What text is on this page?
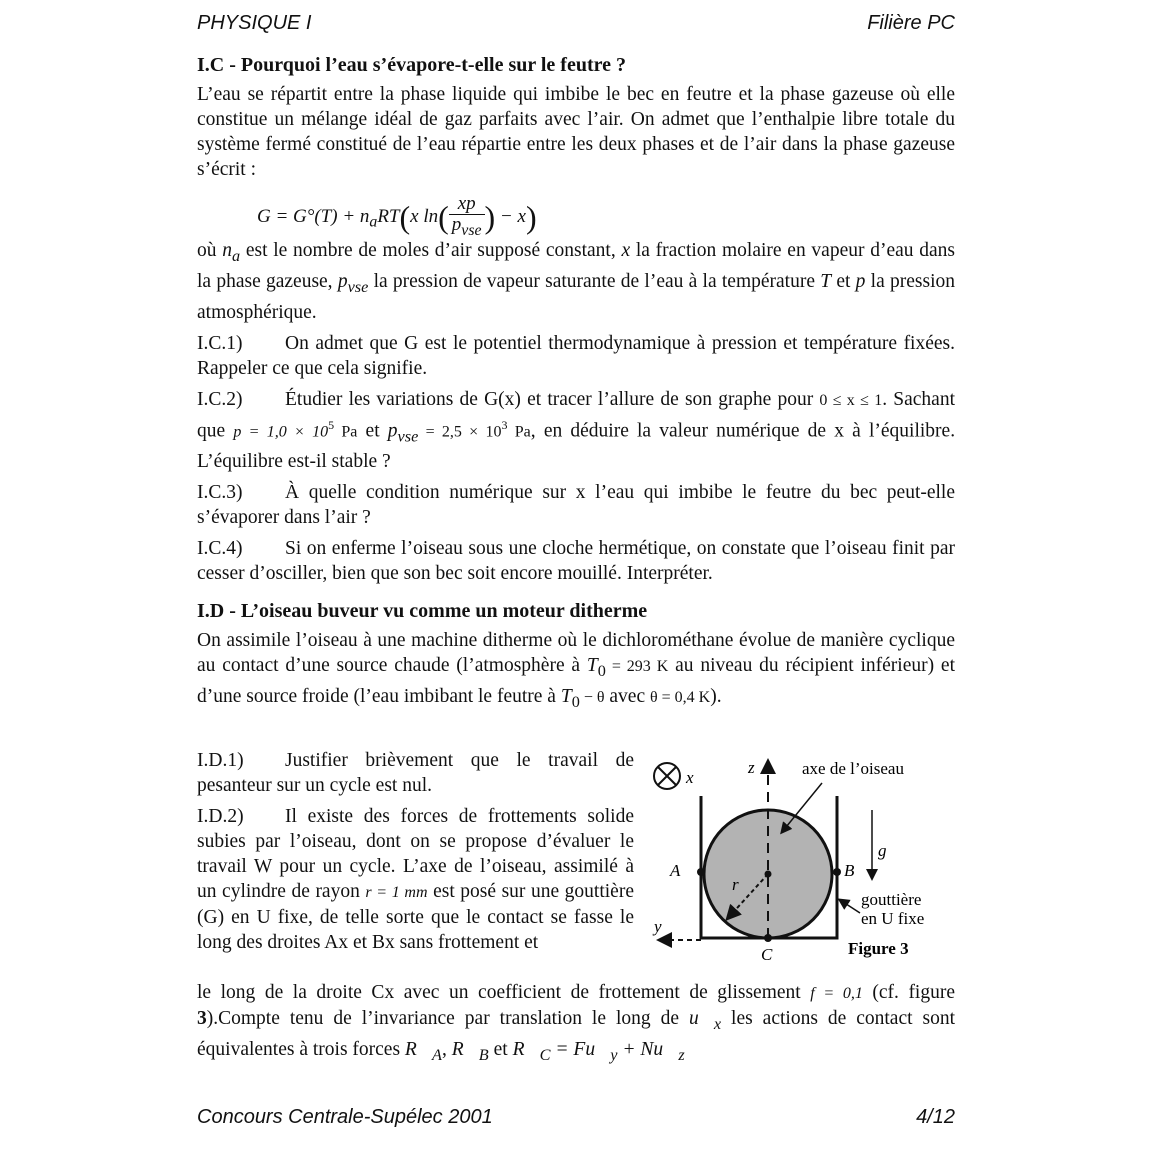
PHYSIQUE I	Filière PC
I.C - Pourquoi l’eau s’évapore-t-elle sur le feutre ?

L’eau se répartit entre la phase liquide qui imbibe le bec en feutre et la phase gazeuse où elle constitue un mélange idéal de gaz parfaits avec l’air. On admet que l’enthalpie libre totale du système fermé constitué de l’eau répartie entre les deux phases et de l’air dans la phase gazeuse s’écrit :

$G = G^\circ(T) + n_aRT(x$ $\ln( \frac{xp}{p_{vse}}$ ) − x)

où $n_a$ est le nombre de moles d’air supposé constant, x la fraction molaire en vapeur d’eau dans la phase gazeuse, $p_{vse}$ la pression de vapeur saturante de l’eau à la température T et p la pression atmosphérique.

I.C.1) On admet que G est le potentiel thermodynamique à pression et température fixées. Rappeler ce que cela signifie.

I.C.2) Étudier les variations de G(x) et tracer l’allure de son graphe pour 0 ≤ x ≤ 1. Sachant que $p = 1,0 \times 10^5$ Pa et $p_{vse} = 2,5 \times 10^3$ Pa, en déduire la valeur numérique de x à l’équilibre. L’équilibre est-il stable ?

I.C.3) À quelle condition numérique sur x l’eau qui imbibe le feutre du bec peut-elle s’évaporer dans l’air ?

I.C.4) Si on enferme l’oiseau sous une cloche hermétique, on constate que l’oiseau finit par cesser d’osciller, bien que son bec soit encore mouillé. Interpréter.

I.D - L’oiseau buveur vu comme un moteur ditherme

On assimile l’oiseau à une machine ditherme où le dichlorométhane évolue de manière cyclique au contact d’une source chaude (l’atmosphère à $T_0 = 293$ K au niveau du récipient inférieur) et d’une source froide (l’eau imbibant le feutre à $T_0 - \theta$ avec θ = 0,4 K).

I.D.1) Justifier brièvement que le travail de pesanteur sur un cycle est nul.

I.D.2) Il existe des forces de frottements solide subies par l’oiseau, dont on se propose d’évaluer le travail W pour un cycle. L’axe de l’oiseau, assimilé à un cylindre de rayon r = 1 mm est posé sur une gouttière (G) en U fixe, de telle sorte que le contact se fasse le long des droites Ax et Bx sans frottement et

le long de la droite Cx avec un coefficient de frottement de glissement f = 0,1 (cf. figure 3).Compte tenu de l’invariance par translation le long de $u⃗_x$ les actions de contact sont équivalentes à trois forces $R⃗_A$, $R⃗_B$ et $R⃗_C$ = $Fu⃗_y$ + $Nu⃗_z$

x
z
y
axe de l’oiseau
r
A	B
C
g
gouttière
en U fixe
Figure 3
Concours Centrale-Supélec 2001	4/12
